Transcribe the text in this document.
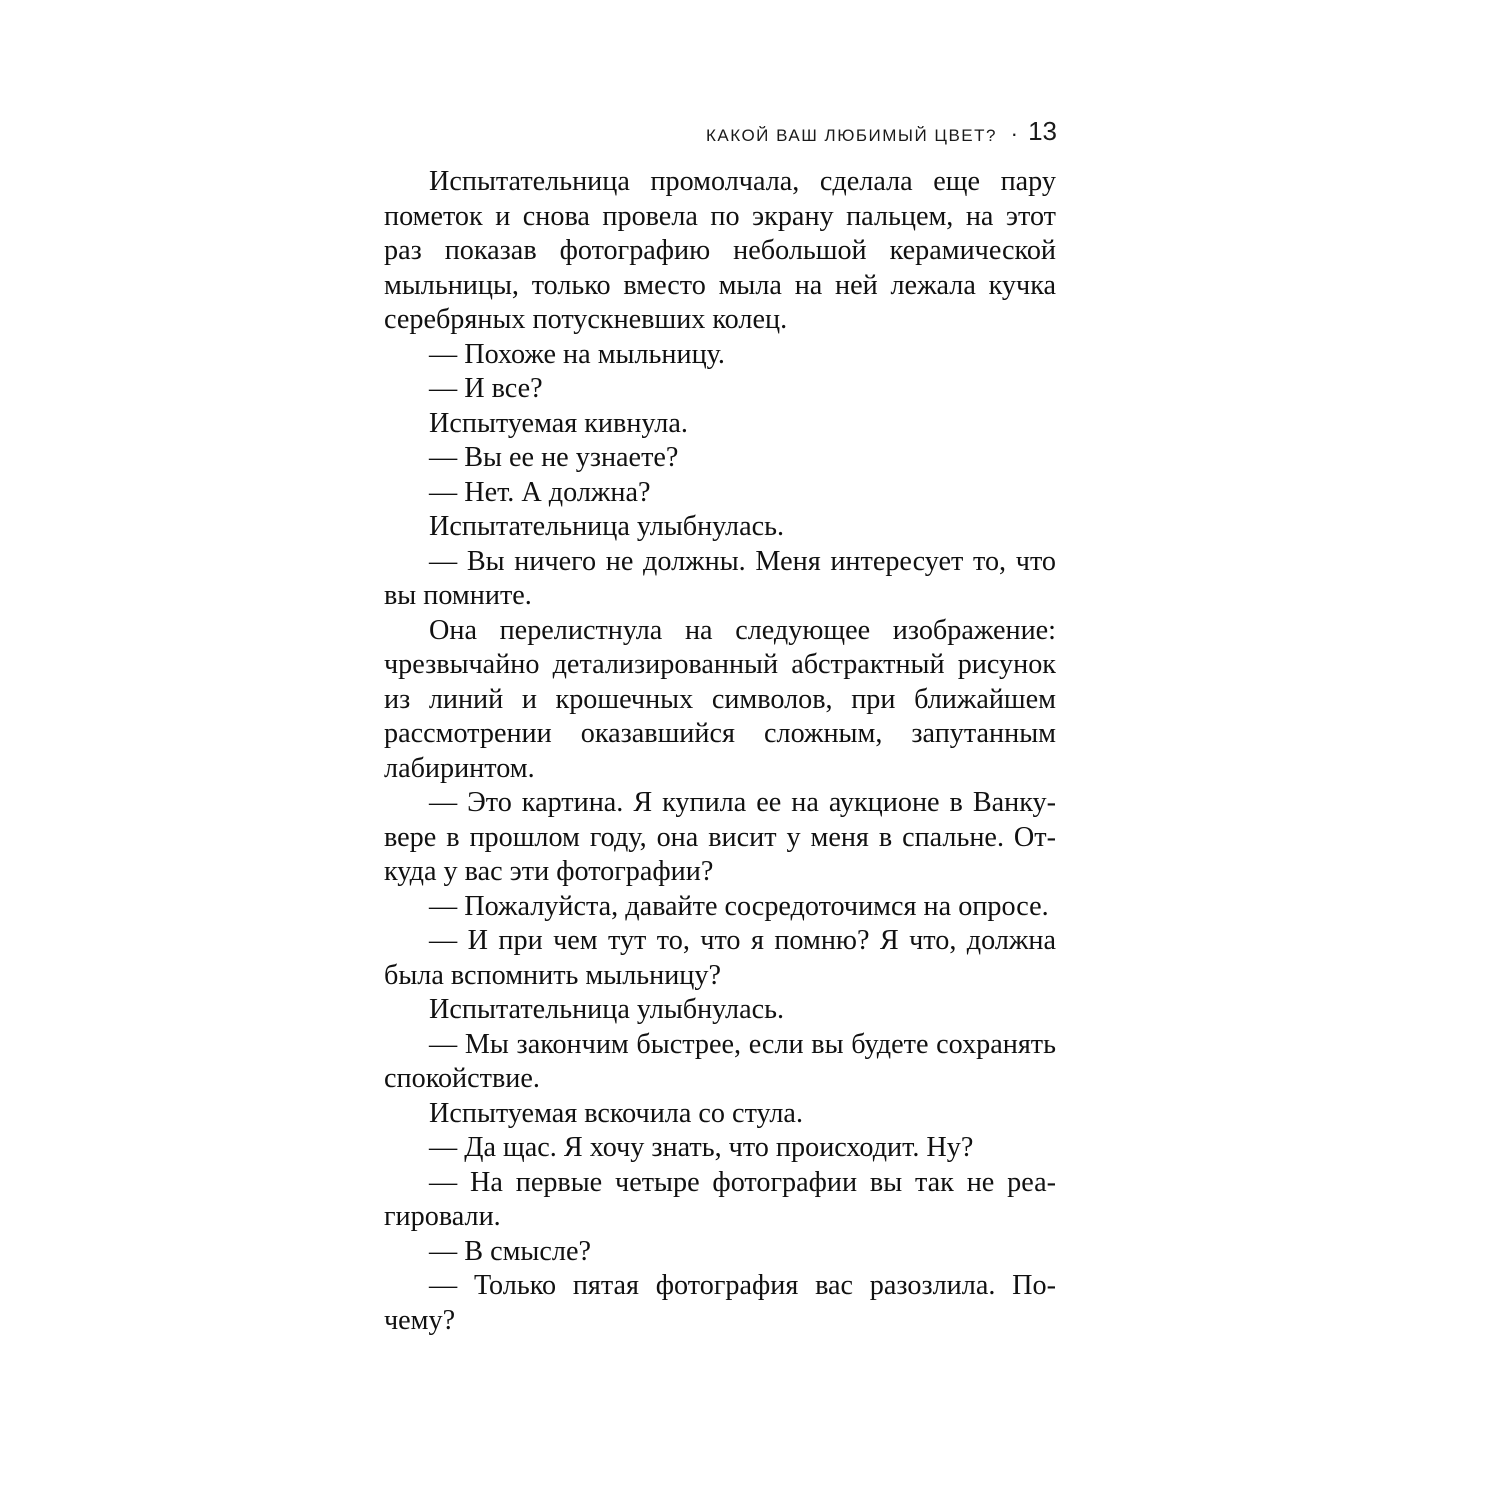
КАКОЙ ВАШ ЛЮБИМЫЙ ЦВЕТ? · 13

Испытательница промолчала, сделала еще пару пометок и снова провела по экрану пальцем, на этот раз показав фотографию небольшой керамической мыльницы, только вместо мыла на ней лежала кучка серебряных потускневших колец.

— Похоже на мыльницу.

— И все?

Испытуемая кивнула.

— Вы ее не узнаете?

— Нет. А должна?

Испытательница улыбнулась.

— Вы ничего не должны. Меня интересует то, что вы помните.

Она перелистнула на следующее изображение: чрезвычайно детализированный абстрактный рисунок из линий и крошечных символов, при ближайшем рассмотрении оказавшийся сложным, запутанным лабиринтом.

— Это картина. Я купила ее на аукционе в Ванкувере в прошлом году, она висит у меня в спальне. Откуда у вас эти фотографии?

— Пожалуйста, давайте сосредоточимся на опросе.

— И при чем тут то, что я помню? Я что, должна была вспомнить мыльницу?

Испытательница улыбнулась.

— Мы закончим быстрее, если вы будете сохранять спокойствие.

Испытуемая вскочила со стула.

— Да щас. Я хочу знать, что происходит. Ну?

— На первые четыре фотографии вы так не реагировали.

— В смысле?

— Только пятая фотография вас разозлила. Почему?
